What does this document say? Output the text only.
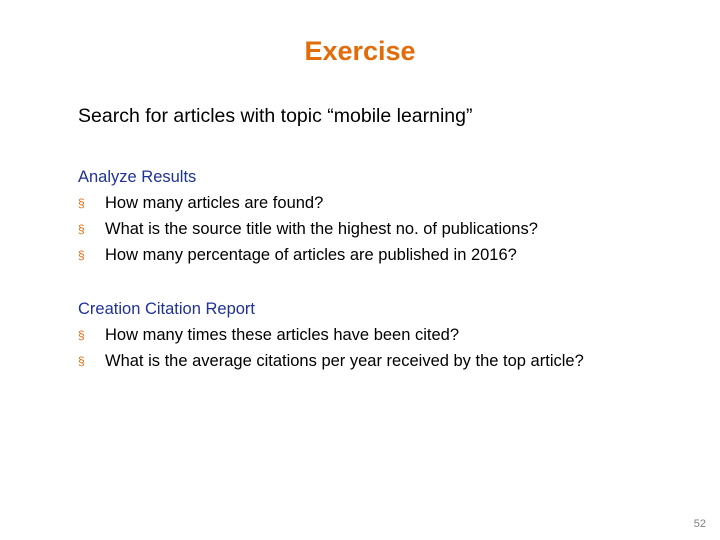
Exercise
Search for articles with topic “mobile learning”
Analyze Results
§	How many articles are found?
§	What is the source title with the highest no. of publications?
§	How many percentage of articles are published in 2016?
Creation Citation Report
§	How many times these articles have been cited?
§	What is the average citations per year received by the top article?
52
